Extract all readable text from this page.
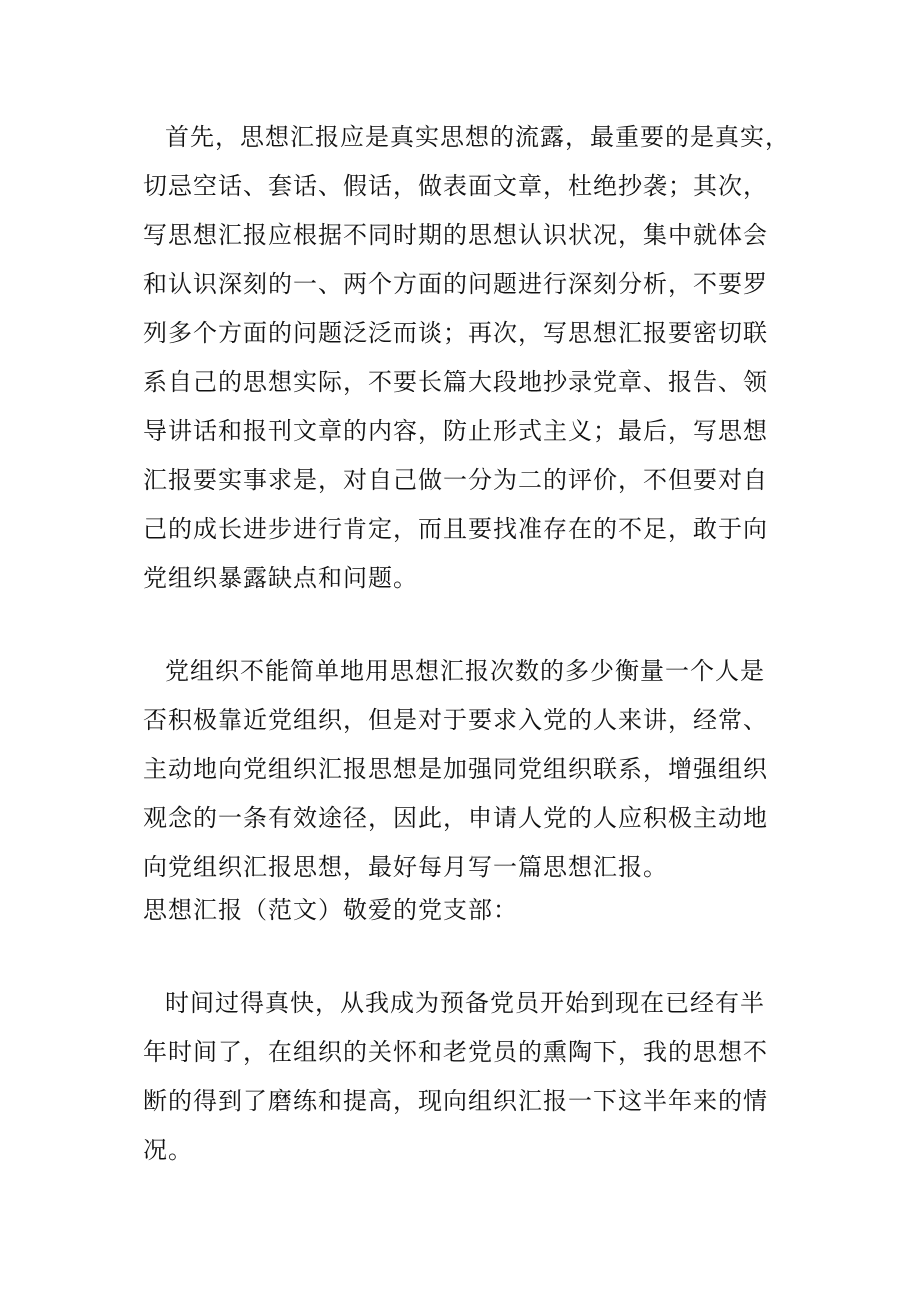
首先，思想汇报应是真实思想的流露，最重要的是真实，
切忌空话、套话、假话，做表面文章，杜绝抄袭；其次，
写思想汇报应根据不同时期的思想认识状况，集中就体会
和认识深刻的一、两个方面的问题进行深刻分析，不要罗
列多个方面的问题泛泛而谈；再次，写思想汇报要密切联
系自己的思想实际，不要长篇大段地抄录党章、报告、领
导讲话和报刊文章的内容，防止形式主义；最后，写思想
汇报要实事求是，对自己做一分为二的评价，不但要对自
己的成长进步进行肯定，而且要找准存在的不足，敢于向
党组织暴露缺点和问题。
党组织不能简单地用思想汇报次数的多少衡量一个人是
否积极靠近党组织，但是对于要求入党的人来讲，经常、
主动地向党组织汇报思想是加强同党组织联系，增强组织
观念的一条有效途径，因此，申请人党的人应积极主动地
向党组织汇报思想，最好每月写一篇思想汇报。
思想汇报（范文）敬爱的党支部：
时间过得真快，从我成为预备党员开始到现在已经有半
年时间了，在组织的关怀和老党员的熏陶下，我的思想不
断的得到了磨练和提高，现向组织汇报一下这半年来的情
况。
